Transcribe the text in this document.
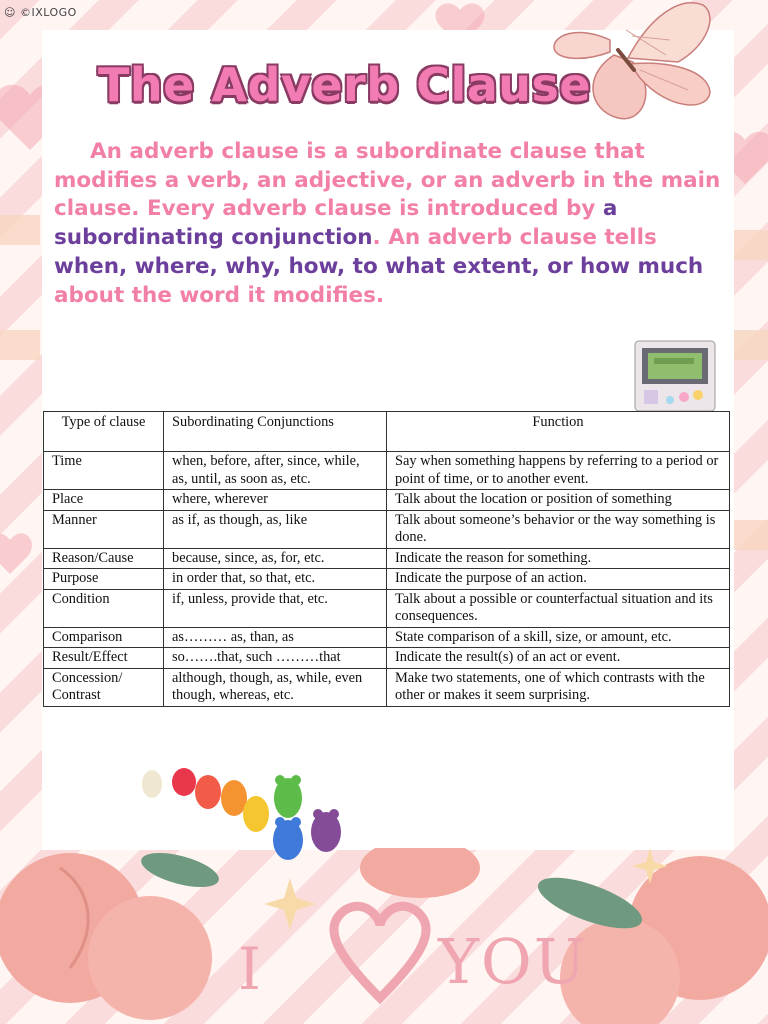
☺ ©IXLOGO
The Adverb Clause

An adverb clause is a subordinate clause that modifies a verb, an adjective, or an adverb in the main clause. Every adverb clause is introduced by a subordinating conjunction. An adverb clause tells when, where, why, how, to what extent, or how much about the word it modifies.

Type of clause	Subordinating Conjunctions	Function
Time	when, before, after, since, while, as, until, as soon as, etc.	Say when something happens by referring to a period or point of time, or to another event.
Place	where, wherever	Talk about the location or position of something
Manner	as if, as though, as, like	Talk about someone’s behavior or the way something is done.
Reason/Cause	because, since, as, for, etc.	Indicate the reason for something.
Purpose	in order that, so that, etc.	Indicate the purpose of an action.
Condition	if, unless, provide that, etc.	Talk about a possible or counterfactual situation and its consequences.
Comparison	as……… as, than, as	State comparison of a skill, size, or amount, etc.
Result/Effect	so…….that, such ………that	Indicate the result(s) of an act or event.
Concession/ Contrast	although, though, as, while, even though, whereas, etc.	Make two statements, one of which contrasts with the other or makes it seem surprising.
I	YOU
